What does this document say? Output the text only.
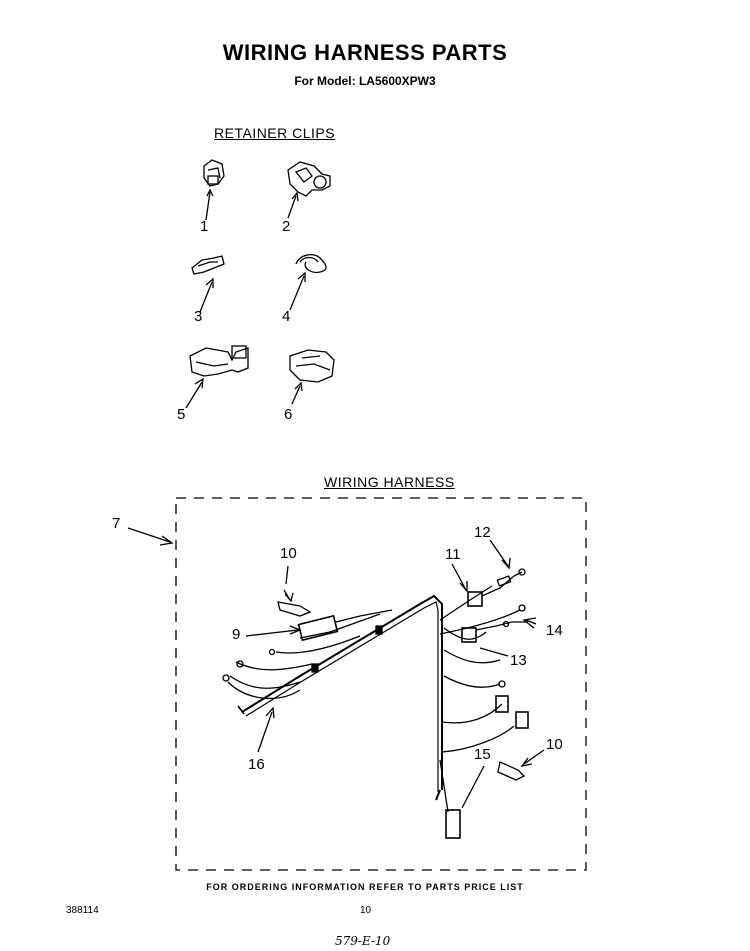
WIRING HARNESS PARTS
For Model: LA5600XPW3
RETAINER CLIPS
WIRING HARNESS
1	2
3	4
5	6
7
9
10
10
11
12
13
14
15
16
FOR ORDERING INFORMATION REFER TO PARTS PRICE LIST
388114	10
579-E-10
